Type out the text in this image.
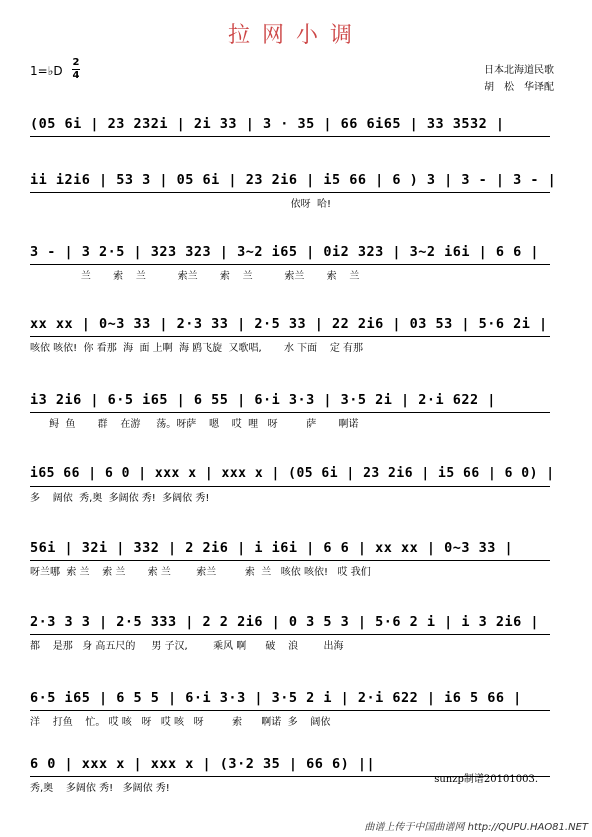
拉网小调
1=♭D
2
4	日本北海道民歌
胡　松　华译配
(05 6i | 23 232i | 2i 33 | 3 · 35 | 66 6i65 | 33 3532 |
ii i2i6 | 53 3 | 05 6i | 23 2i6 | i5 66 | 6 ) 3 | 3 - | 3 - |
依呀  哈!
3 - | 3 2·5 | 323 323 | 3~2 i65 | 0i2 323 | 3~2 i6i | 6 6 |
兰       索    兰          索兰       索    兰          索兰       索    兰
xx xx | 0~3 33 | 2·3 33 | 2·5 33 | 22 2i6 | 03 53 | 5·6 2i |
咳依 咳依!  你 看那  海  面 上啊  海 鸥飞旋  又歌唱,       水 下面    定 有那
i3 2i6 | 6·5 i65 | 6 55 | 6·i 3·3 | 3·5 2i | 2·i 622 |
鲟  鱼       群    在游     荡。呀萨    嗯    哎  哩   呀         萨       啊诺
i65 66 | 6 0 | xxx x | xxx x | (05 6i | 23 2i6 | i5 66 | 6 0) |
多    阔依  秀,奥  多阔依 秀!  多阔依 秀!
56i | 32i | 332 | 2 2i6 | i i6i | 6 6 | xx xx | 0~3 33 |
呀兰哪  索 兰    索 兰       索 兰        索兰         索  兰   咳依 咳依!   哎 我们
2·3 3 3 | 2·5 333 | 2 2 2i6 | 0 3 5 3 | 5·6 2 i | i 3 2i6 |
都    是那   身 高五尺的     男 子汉,        乘风 啊      破    浪        出海
6·5 i65 | 6 5 5 | 6·i 3·3 | 3·5 2 i | 2·i 622 | i6 5 66 |
洋    打鱼    忙。 哎 咳   呀   哎 咳   呀         索      啊诺  多    阔依
6 0 | xxx x | xxx x | (3·2 35 | 66 6) ||
秀,奥    多阔依 秀!   多阔依 秀!
sunzp制谱20101003.
曲谱上传于中国曲谱网 http://QUPU.HAO81.NET
